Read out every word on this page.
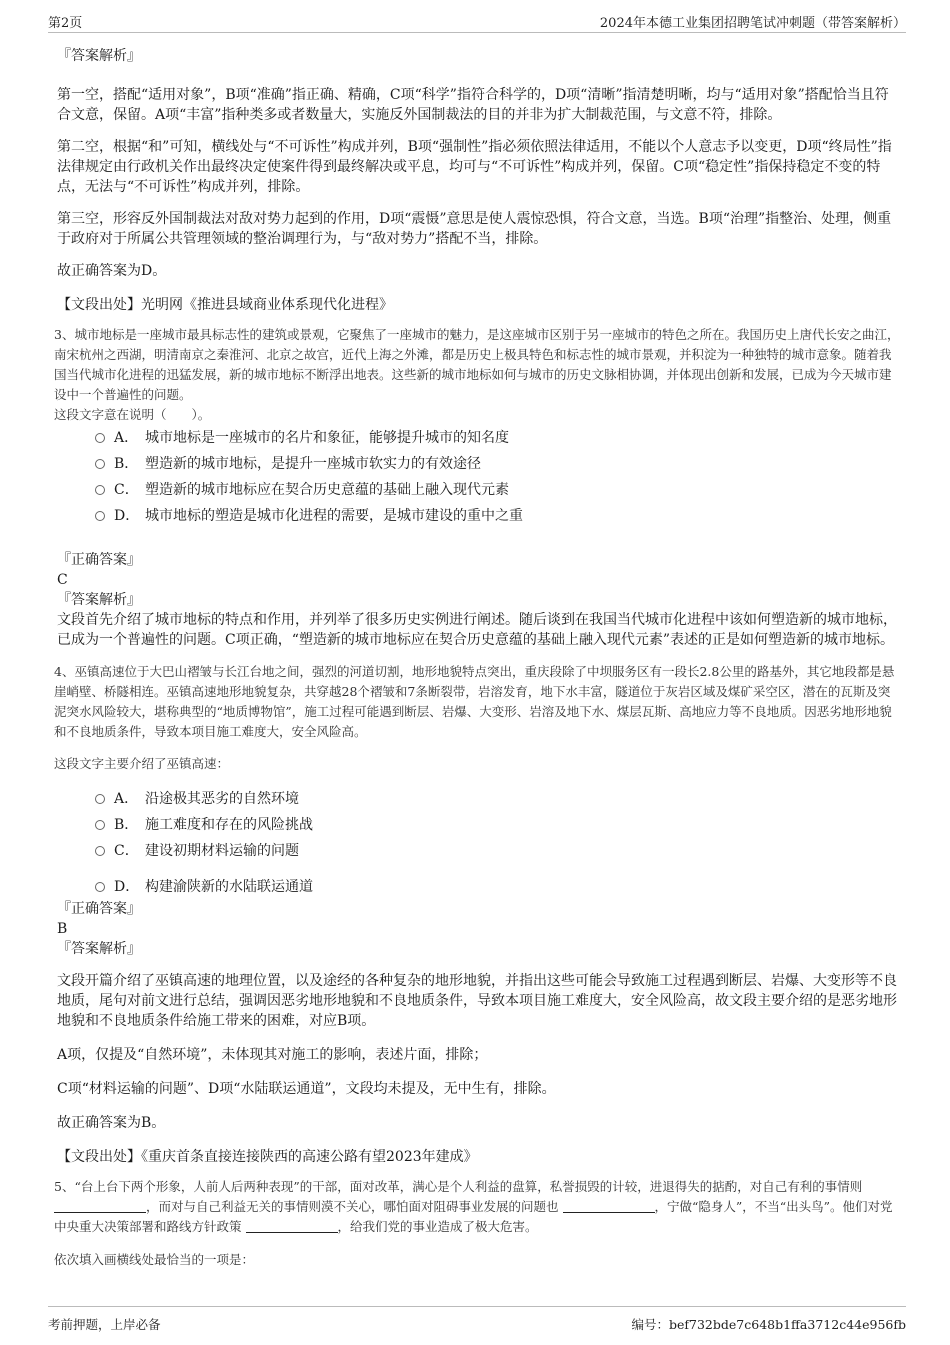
第2页	2024年本德工业集团招聘笔试冲刺题（带答案解析）

『答案解析』

第一空，搭配“适用对象”，B项“准确”指正确、精确，C项“科学”指符合科学的，D项“清晰”指清楚明晰，均与“适用对象”搭配恰当且符合文意，保留。A项“丰富”指种类多或者数量大，实施反外国制裁法的目的并非为扩大制裁范围，与文意不符，排除。

第二空，根据“和”可知，横线处与“不可诉性”构成并列，B项“强制性”指必须依照法律适用，不能以个人意志予以变更，D项“终局性”指法律规定由行政机关作出最终决定使案件得到最终解决或平息，均可与“不可诉性”构成并列，保留。C项“稳定性”指保持稳定不变的特点，无法与“不可诉性”构成并列，排除。

第三空，形容反外国制裁法对敌对势力起到的作用，D项“震慑”意思是使人震惊恐惧，符合文意，当选。B项“治理”指整治、处理，侧重于政府对于所属公共管理领域的整治调理行为，与“敌对势力”搭配不当，排除。

故正确答案为D。

【文段出处】光明网《推进县域商业体系现代化进程》

3、城市地标是一座城市最具标志性的建筑或景观，它聚焦了一座城市的魅力，是这座城市区别于另一座城市的特色之所在。我国历史上唐代长安之曲江，南宋杭州之西湖，明清南京之秦淮河、北京之故宫，近代上海之外滩，都是历史上极具特色和标志性的城市景观，并积淀为一种独特的城市意象。随着我国当代城市化进程的迅猛发展，新的城市地标不断浮出地表。这些新的城市地标如何与城市的历史文脉相协调，并体现出创新和发展，已成为今天城市建设中一个普遍性的问题。

这段文字意在说明（　　）。

A． 城市地标是一座城市的名片和象征，能够提升城市的知名度

B． 塑造新的城市地标，是提升一座城市软实力的有效途径

C． 塑造新的城市地标应在契合历史意蕴的基础上融入现代元素

D． 城市地标的塑造是城市化进程的需要，是城市建设的重中之重

『正确答案』

C

『答案解析』

文段首先介绍了城市地标的特点和作用，并列举了很多历史实例进行阐述。随后谈到在我国当代城市化进程中该如何塑造新的城市地标，已成为一个普遍性的问题。C项正确，“塑造新的城市地标应在契合历史意蕴的基础上融入现代元素”表述的正是如何塑造新的城市地标。

4、巫镇高速位于大巴山褶皱与长江台地之间，强烈的河道切割，地形地貌特点突出，重庆段除了中坝服务区有一段长2.8公里的路基外，其它地段都是悬崖峭壁、桥隧相连。巫镇高速地形地貌复杂，共穿越28个褶皱和7条断裂带，岩溶发育，地下水丰富，隧道位于灰岩区域及煤矿采空区，潜在的瓦斯及突泥突水风险较大，堪称典型的“地质博物馆”，施工过程可能遇到断层、岩爆、大变形、岩溶及地下水、煤层瓦斯、高地应力等不良地质。因恶劣地形地貌和不良地质条件，导致本项目施工难度大，安全风险高。

这段文字主要介绍了巫镇高速：

A． 沿途极其恶劣的自然环境

B． 施工难度和存在的风险挑战

C． 建设初期材料运输的问题

D． 构建渝陕新的水陆联运通道

『正确答案』

B

『答案解析』

文段开篇介绍了巫镇高速的地理位置，以及途经的各种复杂的地形地貌，并指出这些可能会导致施工过程遇到断层、岩爆、大变形等不良地质，尾句对前文进行总结，强调因恶劣地形地貌和不良地质条件，导致本项目施工难度大，安全风险高，故文段主要介绍的是恶劣地形地貌和不良地质条件给施工带来的困难，对应B项。

A项，仅提及“自然环境”，未体现其对施工的影响，表述片面，排除；

C项“材料运输的问题”、D项“水陆联运通道”，文段均未提及，无中生有，排除。

故正确答案为B。

【文段出处】《重庆首条直接连接陕西的高速公路有望2023年建成》

5、“台上台下两个形象，人前人后两种表现”的干部，面对改革，满心是个人利益的盘算，私誉损毁的计较，进退得失的掂酌，对自己有利的事情则 ，而对与自己利益无关的事情则漠不关心，哪怕面对阻碍事业发展的问题也	，宁做“隐身人”，不当“出头鸟”。他们对党中央重大决策部署和路线方针政策	，给我们党的事业造成了极大危害。

依次填入画横线处最恰当的一项是：

考前押题，上岸必备	编号：bef732bde7c648b1ffa3712c44e956fb
